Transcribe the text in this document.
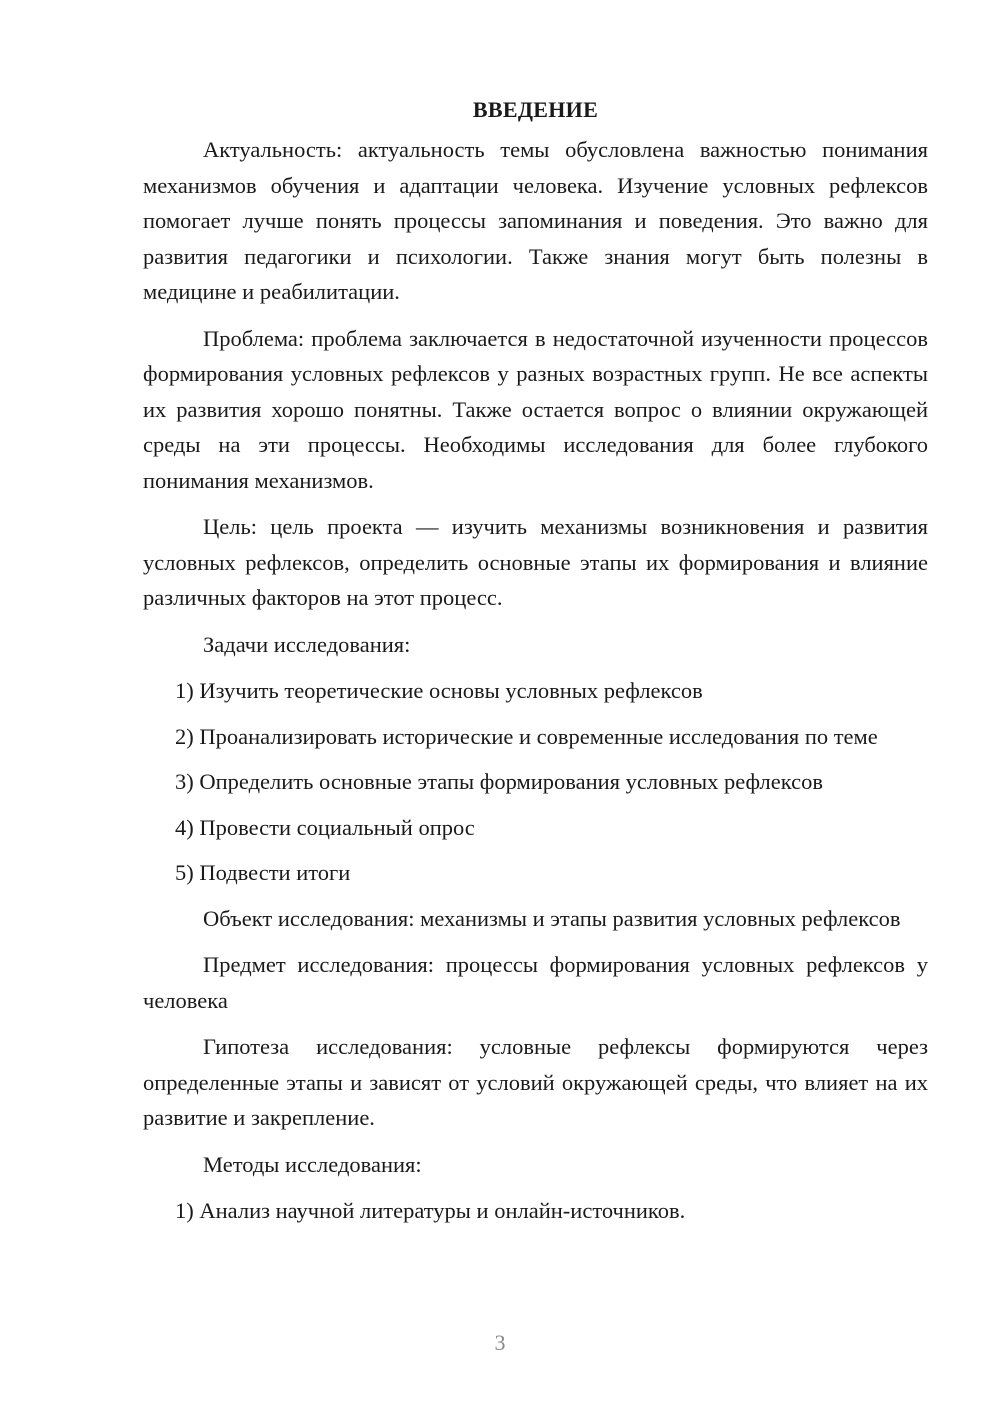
ВВЕДЕНИЕ

Актуальность: актуальность темы обусловлена важностью понимания механизмов обучения и адаптации человека. Изучение условных рефлексов помогает лучше понять процессы запоминания и поведения. Это важно для развития педагогики и психологии. Также знания могут быть полезны в медицине и реабилитации.

Проблема: проблема заключается в недостаточной изученности процессов формирования условных рефлексов у разных возрастных групп. Не все аспекты их развития хорошо понятны. Также остается вопрос о влиянии окружающей среды на эти процессы. Необходимы исследования для более глубокого понимания механизмов.

Цель: цель проекта — изучить механизмы возникновения и развития условных рефлексов, определить основные этапы их формирования и влияние различных факторов на этот процесс.

Задачи исследования:

1) Изучить теоретические основы условных рефлексов

2) Проанализировать исторические и современные исследования по теме

3) Определить основные этапы формирования условных рефлексов

4) Провести социальный опрос

5) Подвести итоги

Объект исследования: механизмы и этапы развития условных рефлексов

Предмет исследования: процессы формирования условных рефлексов у человека

Гипотеза исследования: условные рефлексы формируются через определенные этапы и зависят от условий окружающей среды, что влияет на их развитие и закрепление.

Методы исследования:

1) Анализ научной литературы и онлайн-источников.

3
